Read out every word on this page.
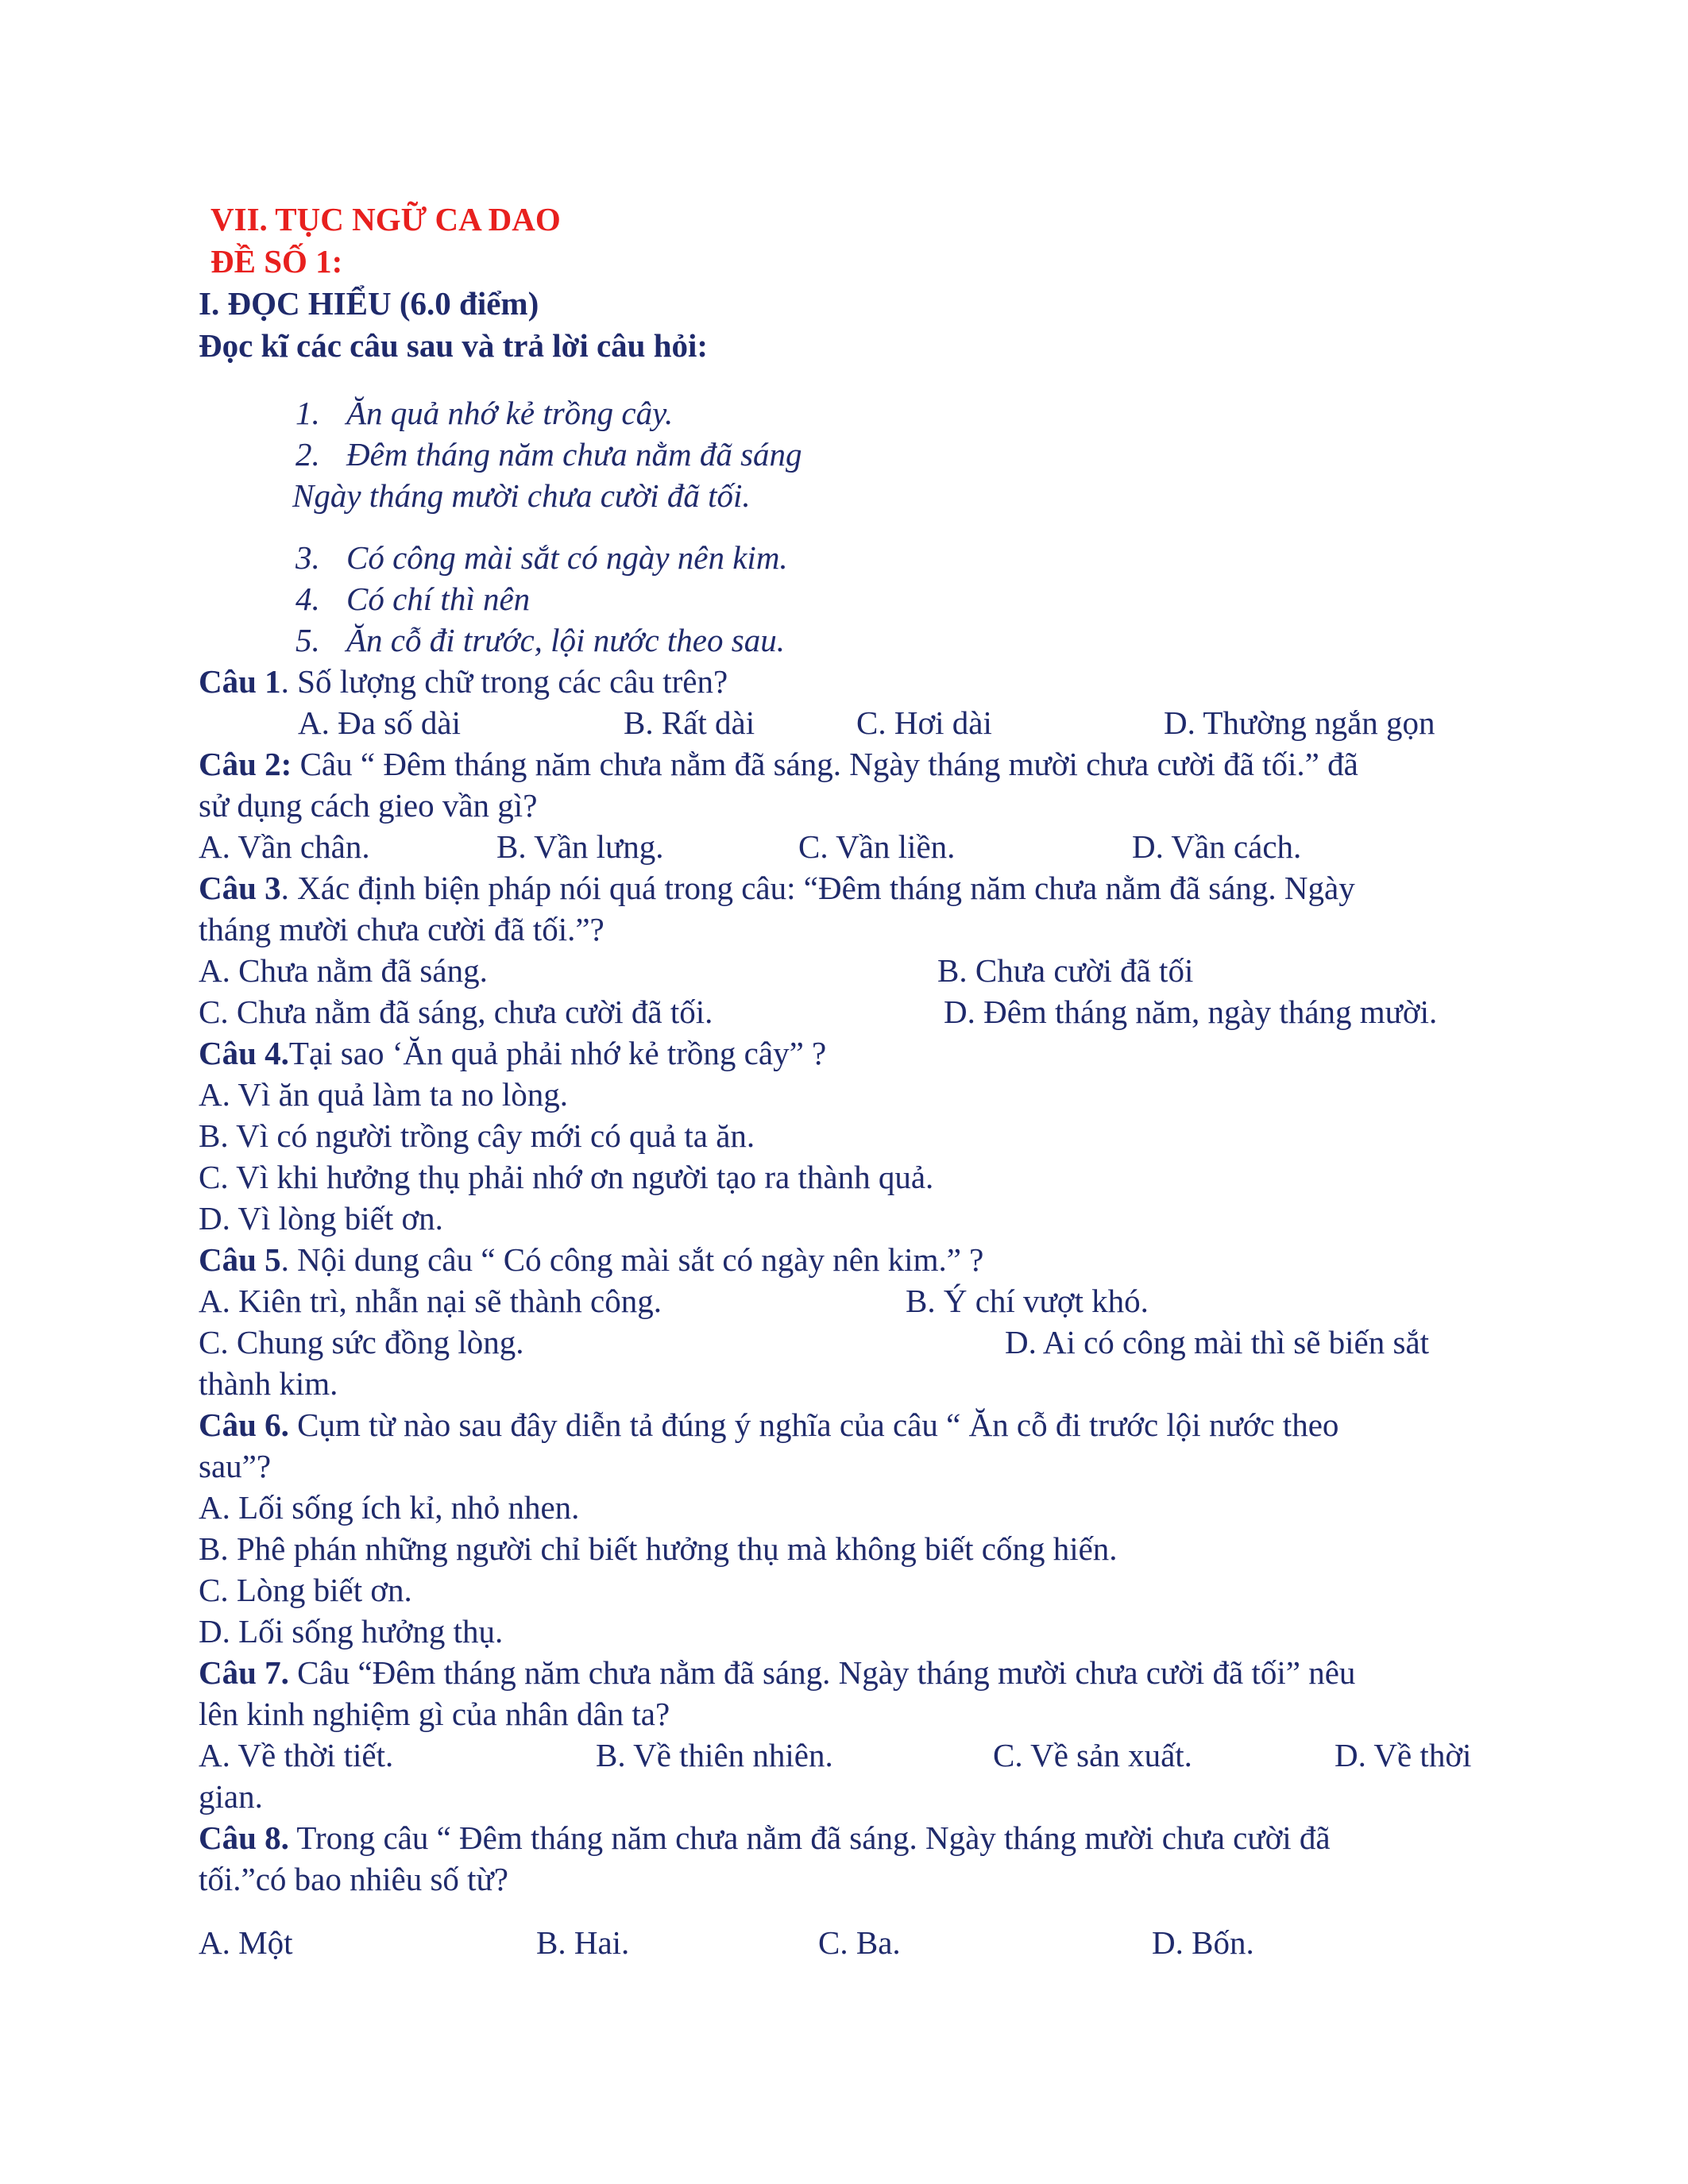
VII. TỤC NGỮ CA DAO
ĐỀ SỐ 1:
I. ĐỌC HIỂU (6.0 điểm)
Đọc kĩ các câu sau và trả lời câu hỏi:
1. Ăn quả nhớ kẻ trồng cây.
2. Đêm tháng năm chưa nằm đã sáng
Ngày tháng mười chưa cười đã tối.
3. Có công mài sắt có ngày nên kim.
4. Có chí thì nên
5. Ăn cỗ đi trước, lội nước theo sau.
Câu 1. Số lượng chữ trong các câu trên?
A. Đa số dài	B. Rất dài	C. Hơi dài	D. Thường ngắn gọn
Câu 2: Câu “ Đêm tháng năm chưa nằm đã sáng. Ngày tháng mười chưa cười đã tối.” đã
sử dụng cách gieo vần gì?
A. Vần chân.	B. Vần lưng.	C. Vần liền.	D. Vần cách.
Câu 3. Xác định biện pháp nói quá trong câu: “Đêm tháng năm chưa nằm đã sáng. Ngày
tháng mười chưa cười đã tối.”?
A. Chưa nằm đã sáng.	B. Chưa cười đã tối
C. Chưa nằm đã sáng, chưa cười đã tối.	D. Đêm tháng năm, ngày tháng mười.
Câu 4.Tại sao ‘Ăn quả phải nhớ kẻ trồng cây” ?
A. Vì ăn quả làm ta no lòng.
B. Vì có người trồng cây mới có quả ta ăn.
C. Vì khi hưởng thụ phải nhớ ơn người tạo ra thành quả.
D. Vì lòng biết ơn.
Câu 5. Nội dung câu “ Có công mài sắt có ngày nên kim.” ?
A. Kiên trì, nhẫn nại sẽ thành công.	B. Ý chí vượt khó.
C. Chung sức đồng lòng.	D. Ai có công mài thì sẽ biến sắt
thành kim.
Câu 6. Cụm từ nào sau đây diễn tả đúng ý nghĩa của câu “ Ăn cỗ đi trước lội nước theo
sau”?
A. Lối sống ích kỉ, nhỏ nhen.
B. Phê phán những người chỉ biết hưởng thụ mà không biết cống hiến.
C. Lòng biết ơn.
D. Lối sống hưởng thụ.
Câu 7. Câu “Đêm tháng năm chưa nằm đã sáng. Ngày tháng mười chưa cười đã tối” nêu
lên kinh nghiệm gì của nhân dân ta?
A. Về thời tiết.	B. Về thiên nhiên.	C. Về sản xuất.	D. Về thời
gian.
Câu 8. Trong câu “ Đêm tháng năm chưa nằm đã sáng. Ngày tháng mười chưa cười đã
tối.”có bao nhiêu số từ?
A. Một	B. Hai.	C. Ba.	D. Bốn.
